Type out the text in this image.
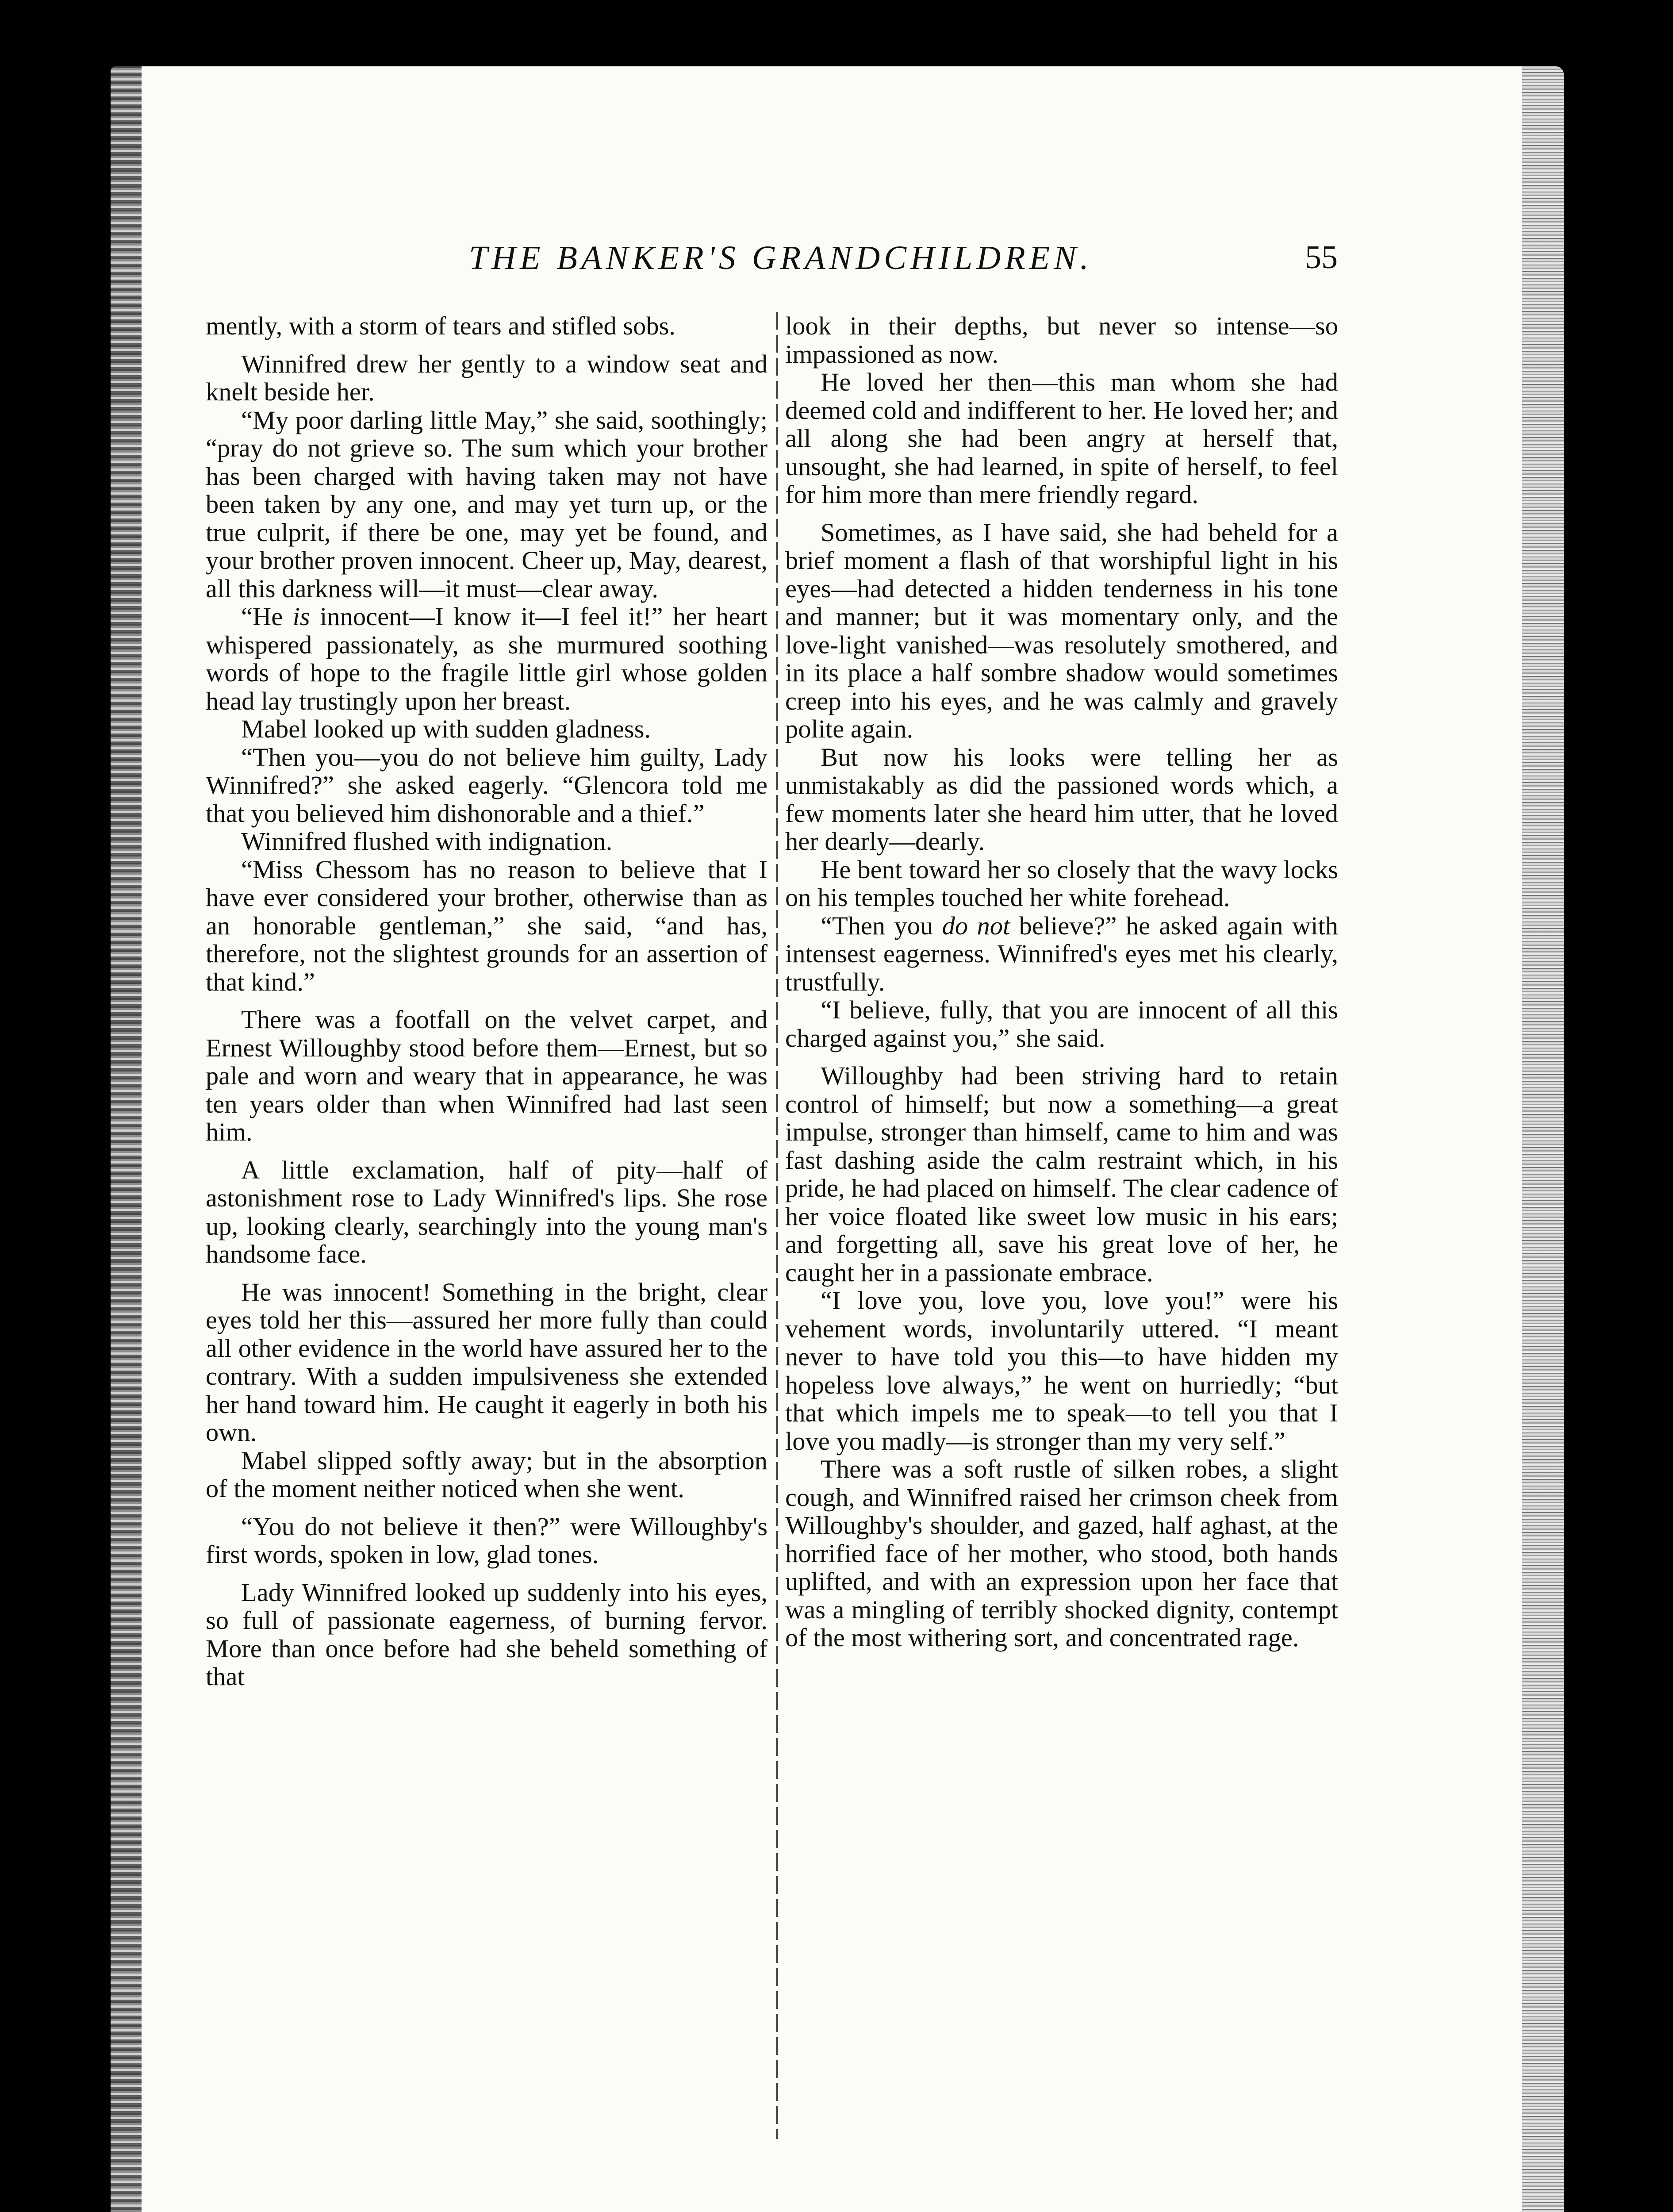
THE BANKER'S GRANDCHILDREN.	55

mently, with a storm of tears and stifled sobs.

Winnifred drew her gently to a window seat and knelt beside her.

“My poor darling little May,” she said, soothingly; “pray do not grieve so. The sum which your brother has been charged with having taken may not have been taken by any one, and may yet turn up, or the true culprit, if there be one, may yet be found, and your brother proven innocent. Cheer up, May, dearest, all this darkness will—it must—clear away.

“He is innocent—I know it—I feel it!” her heart whispered passionately, as she murmured soothing words of hope to the fragile little girl whose golden head lay trustingly upon her breast.

Mabel looked up with sudden gladness.

“Then you—you do not believe him guilty, Lady Winnifred?” she asked eagerly. “Glencora told me that you believed him dishonorable and a thief.”

Winnifred flushed with indignation.

“Miss Chessom has no reason to believe that I have ever considered your brother, otherwise than as an honorable gentleman,” she said, “and has, therefore, not the slightest grounds for an assertion of that kind.”

There was a footfall on the velvet carpet, and Ernest Willoughby stood before them—Ernest, but so pale and worn and weary that in appearance, he was ten years older than when Winnifred had last seen him.

A little exclamation, half of pity—half of astonishment rose to Lady Winnifred's lips. She rose up, looking clearly, searchingly into the young man's handsome face.

He was innocent! Something in the bright, clear eyes told her this—assured her more fully than could all other evidence in the world have assured her to the contrary. With a sudden impulsiveness she extended her hand toward him. He caught it eagerly in both his own.

Mabel slipped softly away; but in the absorption of the moment neither noticed when she went.

“You do not believe it then?” were Willoughby's first words, spoken in low, glad tones.

Lady Winnifred looked up suddenly into his eyes, so full of passionate eagerness, of burning fervor. More than once before had she beheld something of that

look in their depths, but never so intense—so impassioned as now.

He loved her then—this man whom she had deemed cold and indifferent to her. He loved her; and all along she had been angry at herself that, unsought, she had learned, in spite of herself, to feel for him more than mere friendly regard.

Sometimes, as I have said, she had beheld for a brief moment a flash of that worshipful light in his eyes—had detected a hidden tenderness in his tone and manner; but it was momentary only, and the love-light vanished—was resolutely smothered, and in its place a half sombre shadow would sometimes creep into his eyes, and he was calmly and gravely polite again.

But now his looks were telling her as unmistakably as did the passioned words which, a few moments later she heard him utter, that he loved her dearly—dearly.

He bent toward her so closely that the wavy locks on his temples touched her white forehead.

“Then you do not believe?” he asked again with intensest eagerness. Winnifred's eyes met his clearly, trustfully.

“I believe, fully, that you are innocent of all this charged against you,” she said.

Willoughby had been striving hard to retain control of himself; but now a something—a great impulse, stronger than himself, came to him and was fast dashing aside the calm restraint which, in his pride, he had placed on himself. The clear cadence of her voice floated like sweet low music in his ears; and forgetting all, save his great love of her, he caught her in a passionate embrace.

“I love you, love you, love you!” were his vehement words, involuntarily uttered. “I meant never to have told you this—to have hidden my hopeless love always,” he went on hurriedly; “but that which impels me to speak—to tell you that I love you madly—is stronger than my very self.”

There was a soft rustle of silken robes, a slight cough, and Winnifred raised her crimson cheek from Willoughby's shoulder, and gazed, half aghast, at the horrified face of her mother, who stood, both hands uplifted, and with an expression upon her face that was a mingling of terribly shocked dignity, contempt of the most withering sort, and concentrated rage.
